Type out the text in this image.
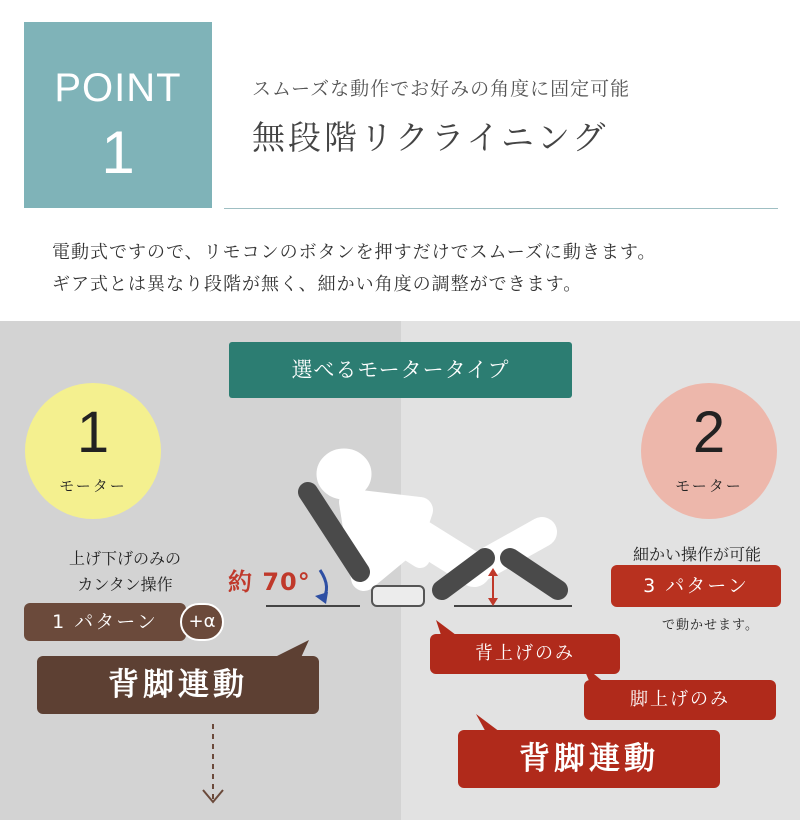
POINT
1
スムーズな動作でお好みの角度に固定可能
無段階リクライニング
電動式ですので、リモコンのボタンを押すだけでスムーズに動きます。
ギア式とは異なり段階が無く、細かい角度の調整ができます。
選べるモータータイプ
1
モーター
2
モーター
約 70°
上げ下げのみの
カンタン操作
1 パターン	+α
背脚連動
細かい操作が可能
3 パターン
で動かせます。
背上げのみ
脚上げのみ
背脚連動
